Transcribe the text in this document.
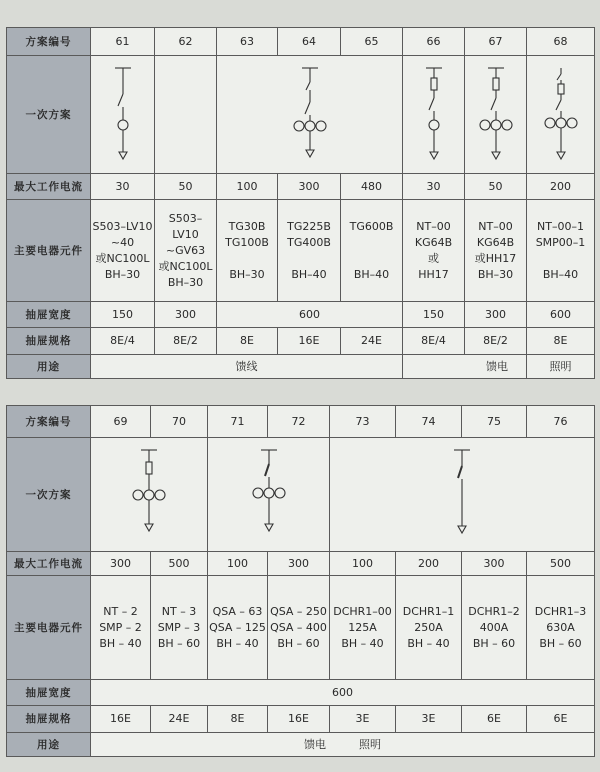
方案编号	61	62	63	64	65	66	67	68
一次方案	

最大工作电流	30	50	100	300	480	30	50	200
主要电器元件	S503–LV10
~40
或NC100L
BH–30	S503–LV10
~GV63
或NC100L
BH–30	TG30B
TG100B

BH–30	TG225B
TG400B

BH–40	TG600B

BH–40	NT–00
KG64B
或
HH17	NT–00
KG64B
或HH17
BH–30	NT–00–1
SMP00–1

BH–40

抽屉宽度	150	300	600			150	300	600
抽屉规格	8E/4	8E/2	8E	16E	24E	8E/4	8E/2	8E
用途	馈线					馈电		照明
方案编号	69	70	71	72	73	74	75	76
一次方案	

最大工作电流	300	500	100	300	100	200	300	500
主要电器元件	NT – 2
SMP – 2
BH – 40	NT – 3
SMP – 3
BH – 60	QSA – 63
QSA – 125
BH – 40	QSA – 250
QSA – 400
BH – 60	DCHR1–00
125A
BH – 40	DCHR1–1
250A
BH – 40	DCHR1–2
400A
BH – 60	DCHR1–3
630A
BH – 60

抽屉宽度	600							
抽屉规格	16E	24E	8E	16E	3E	3E	6E	6E
用途	馈电 照明							
